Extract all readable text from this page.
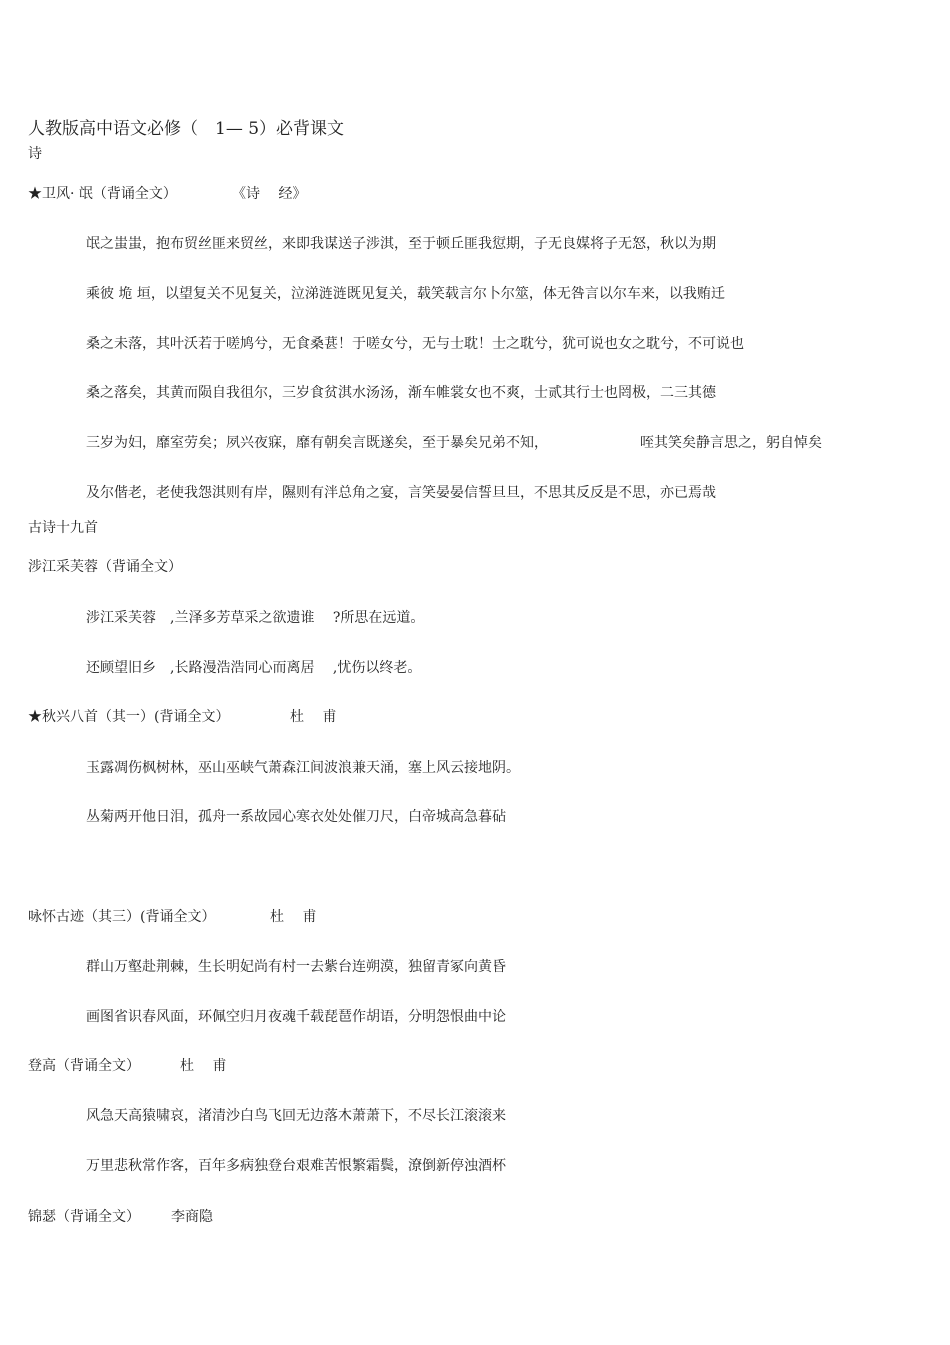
人教版高中语文必修（　1— 5）必背课文
诗
★卫风· 氓（背诵全文）	《诗　 经》
氓之蚩蚩，抱布贸丝匪来贸丝，来即我谋送子涉淇，至于顿丘匪我愆期，子无良媒将子无怒，秋以为期
乘彼 垝 垣，以望复关不见复关，泣涕涟涟既见复关，载笑载言尔卜尔筮，体无咎言以尔车来，以我贿迁
桑之未落，其叶沃若于嗟鸠兮，无食桑葚！于嗟女兮，无与士耽！士之耽兮，犹可说也女之耽兮，不可说也
桑之落矣，其黄而陨自我徂尔，三岁食贫淇水汤汤，渐车帷裳女也不爽，士贰其行士也罔极，二三其德
三岁为妇，靡室劳矣；夙兴夜寐，靡有朝矣言既遂矣，至于暴矣兄弟不知，	咥其笑矣静言思之，躬自悼矣
及尔偕老，老使我怨淇则有岸，隰则有泮总角之宴，言笑晏晏信誓旦旦，不思其反反是不思，亦已焉哉
古诗十九首
涉江采芙蓉（背诵全文）
涉江采芙蓉　,兰泽多芳草采之欲遗谁　 ?所思在远道。
还顾望旧乡　,长路漫浩浩同心而离居　 ,忧伤以终老。
★秋兴八首（其一）(背诵全文）	杜　 甫
玉露凋伤枫树林，巫山巫峡气萧森江间波浪兼天涌，塞上风云接地阴。
丛菊两开他日泪，孤舟一系故园心寒衣处处催刀尺，白帝城高急暮砧
咏怀古迹（其三）(背诵全文）	杜　 甫
群山万壑赴荆棘，生长明妃尚有村一去紫台连朔漠，独留青冢向黄昏
画图省识春风面，环佩空归月夜魂千载琵琶作胡语，分明怨恨曲中论
登高（背诵全文）	杜　 甫
风急天高猿啸哀，渚清沙白鸟飞回无边落木萧萧下，不尽长江滚滚来
万里悲秋常作客，百年多病独登台艰难苦恨繁霜鬓，潦倒新停浊酒杯
锦瑟（背诵全文） 李商隐
